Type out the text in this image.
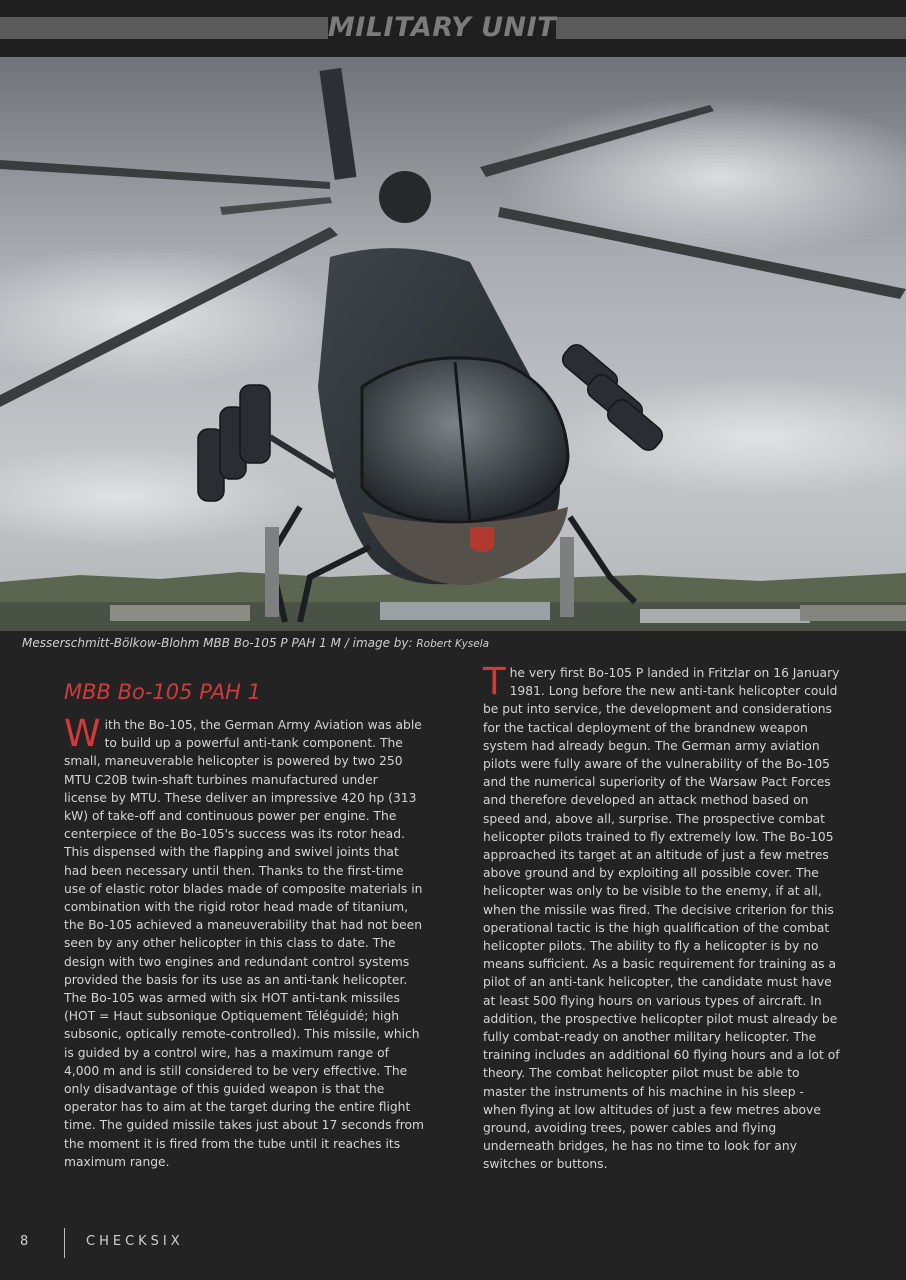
MILITARY UNIT
Messerschmitt-Bölkow-Blohm MBB Bo-105 P PAH 1 M / image by: Robert Kysela
MBB Bo-105 PAH 1

With the Bo-105, the German Army Aviation was able to build up a powerful anti-tank component. The small, maneuverable helicopter is powered by two 250 MTU C20B twin-shaft turbines manufactured under license by MTU. These deliver an impressive 420 hp (313 kW) of take-off and continuous power per engine. The centerpiece of the Bo-105's success was its rotor head. This dispensed with the flapping and swivel joints that had been necessary until then. Thanks to the first-time use of elastic rotor blades made of composite materials in combination with the rigid rotor head made of titanium, the Bo-105 achieved a maneuverability that had not been seen by any other helicopter in this class to date. The design with two engines and redundant control systems provided the basis for its use as an anti-tank helicopter. The Bo-105 was armed with six HOT anti-tank missiles (HOT = Haut subsonique Optiquement Téléguidé; high subsonic, optically remote-controlled). This missile, which is guided by a control wire, has a maximum range of 4,000 m and is still considered to be very effective. The only disadvantage of this guided weapon is that the operator has to aim at the target during the entire flight time. The guided missile takes just about 17 seconds from the moment it is fired from the tube until it reaches its maximum range.

The very first Bo-105 P landed in Fritzlar on 16 January 1981. Long before the new anti-tank helicopter could be put into service, the development and considerations for the tactical deployment of the brandnew weapon system had already begun. The German army aviation pilots were fully aware of the vulnerability of the Bo-105 and the numerical superiority of the Warsaw Pact Forces and therefore developed an attack method based on speed and, above all, surprise. The prospective combat helicopter pilots trained to fly extremely low. The Bo-105 approached its target at an altitude of just a few metres above ground and by exploiting all possible cover. The helicopter was only to be visible to the enemy, if at all, when the missile was fired. The decisive criterion for this operational tactic is the high qualification of the combat helicopter pilots. The ability to fly a helicopter is by no means sufficient. As a basic requirement for training as a pilot of an anti-tank helicopter, the candidate must have at least 500 flying hours on various types of aircraft. In addition, the prospective helicopter pilot must already be fully combat-ready on another military helicopter. The training includes an additional 60 flying hours and a lot of theory. The combat helicopter pilot must be able to master the instruments of his machine in his sleep - when flying at low altitudes of just a few metres above ground, avoiding trees, power cables and flying underneath bridges, he has no time to look for any switches or buttons.

8	CHECKSIX
